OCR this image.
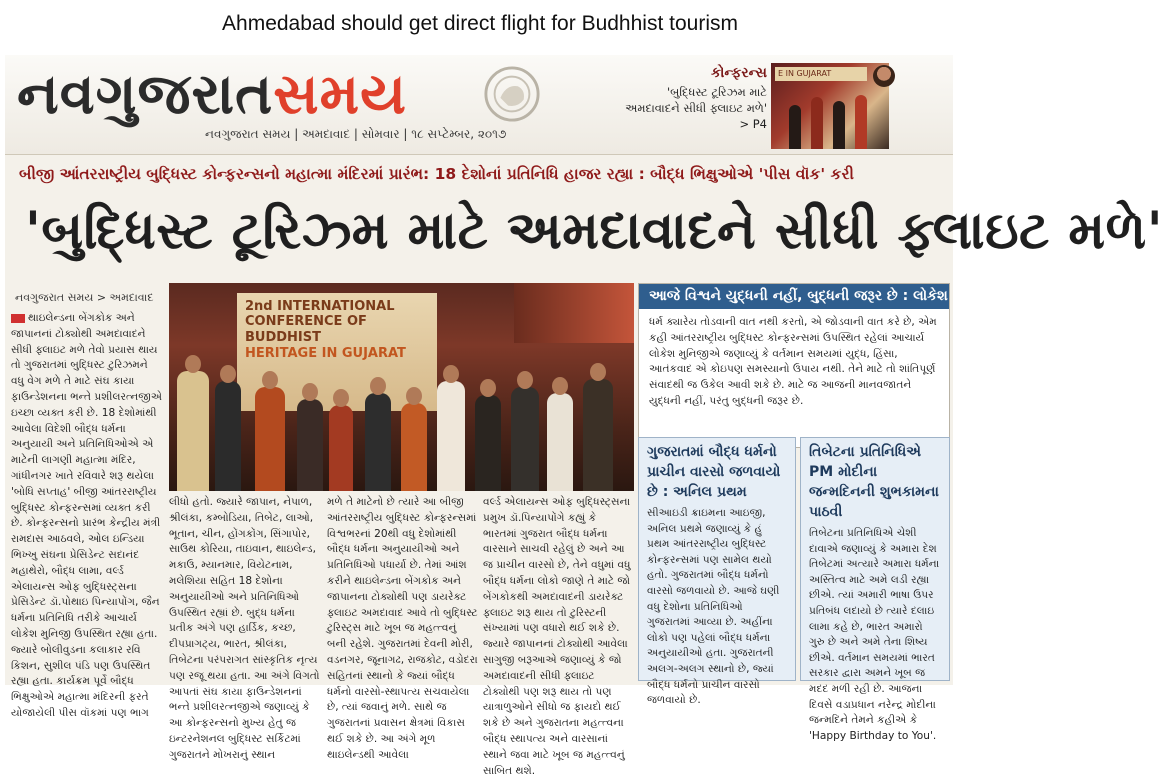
Ahmedabad should get direct flight for Budhhist tourism
નવગુજરાતસમય
નવગુજરાત સમય | અમદાવાદ | સોમવાર | ૧૮ સપ્ટેમ્બર, ૨૦૧૭
કોન્ફરન્સ
'બુદ્ધિસ્ટ ટૂરિઝમ માટે અમદાવાદને સીધી ફ્લાઇટ મળે' > P4
E IN GUJARAT
બીજી આંતરરાષ્ટ્રીય બુદ્ધિસ્ટ કોન્ફરન્સનો મહાત્મા મંદિરમાં પ્રારંભ: 18 દેશોનાં પ્રતિનિધિ હાજર રહ્યા : બૌદ્ધ ભિક્ષુઓએ 'પીસ વૉક' કરી
'બુદ્ધિસ્ટ ટૂરિઝ્મ માટે અમદાવાદને સીધી ફ્લાઇટ મળે'
નવગુજરાત સમય > અમદાવાદ

થાઇલેન્ડના બેંગકોક અને જાપાનનાં ટોક્યોથી અમદાવાદને સીધી ફ્લાઇટ મળે તેવો પ્રયાસ થાય તો ગુજરાતમાં બુદ્ધિસ્ટ ટુરિઝમને વધુ વેગ મળે તે માટે સંઘ કાયા ફાઉન્ડેશનના ભન્તે પ્રશીલરત્નજીએ ઇચ્છા વ્યક્ત કરી છે. 18 દેશોમાંથી આવેલા વિદેશી બૌદ્ધ ધર્મના અનુયાયી અને પ્રતિનિધિઓએ એ માટેની લાગણી મહાત્મા મંદિર, ગાંધીનગર ખાતે રવિવારે શરૂ થયેલા 'બોધિ સપ્તાહ' બીજી આંતરરાષ્ટ્રીય બુદ્ધિસ્ટ કોન્ફરન્સમાં વ્યક્ત કરી છે. કોન્ફરન્સનો પ્રારંભ કેન્દ્રીય મંત્રી રામદાસ આઠવલે, ઓલ ઇન્ડિયા ભિખ્ખુ સંઘના પ્રેસિડેન્ટ સદાનંદ મહાથેરો, બૌદ્ધ લામા, વર્લ્ડ એલાયન્સ ઓફ બુદ્ધિસ્ટ્સના પ્રેસિડેન્ટ ડૉ.પોથાઇ પિન્યાપોંગ, જૈન ધર્મના પ્રતિનિધિ તરીકે આચાર્ય લોકેશ મુનિજી ઉપસ્થિત રહ્યા હતા. જ્યારે બોલીવુડના કલાકાર રવિ કિશન, સુશીલ પંડિ પણ ઉપસ્થિત રહ્યા હતા. કાર્યક્રમ પૂર્વે બૌદ્ધ ભિક્ષુઓએ મહાત્મા મંદિરની ફરતે યોજાયેલી પીસ વૉકમાં પણ ભાગ

2nd INTERNATIONAL
CONFERENCE OF BUDDHIST
HERITAGE IN GUJARAT

લીધો હતો. જ્યારે જાપાન, નેપાળ, શ્રીલંકા, કમ્બોડિયા, તિબેટ, લાઓ, ભૂતાન, ચીન, હોંગકોંગ, સિંગાપોર, સાઉથ કોરિયા, તાઇવાન, થાઇલેન્ડ, મકાઉ, મ્યાનમાર, વિયેટનામ, મલેશિયા સહિત 18 દેશોના અનુયાયીઓ અને પ્રતિનિધિઓ ઉપસ્થિત રહ્યાં છે. બુદ્ધ ધર્મના પ્રતીક અંગે પણ હાર્ડિક, કચ્છ, દીપપ્રાગટ્ય, ભારત, શ્રીલંકા, તિબેટના પરંપરાગત સાંસ્કૃતિક નૃત્ય પણ રજૂ થયા હતા. આ અંગે વિગતો આપતાં સંઘ કાયા ફાઉન્ડેશનનાં ભન્તે પ્રશીલરત્નજીએ જણાવ્યું કે આ કોન્ફરન્સનો મુખ્ય હેતુ જ ઇન્ટરનેશનલ બુદ્ધિસ્ટ સર્કિટમાં ગુજરાતને મોખરાનું સ્થાન

મળે તે માટેનો છે ત્યારે આ બીજી આંતરરાષ્ટ્રીય બુદ્ધિસ્ટ કોન્ફરન્સમાં વિશ્વભરનાં 20થી વધુ દેશોમાંથી બૌદ્ધ ધર્મના અનુયાયીઓ અને પ્રતિનિધિઓ પધાર્યા છે. તેમાં આંશ કરીને થાઇલેન્ડના બેંગકોક અને જાપાનના ટોક્યોથી પણ ડાયરેક્ટ ફ્લાઇટ અમદાવાદ આવે તો બુદ્ધિસ્ટ ટુરિસ્ટ્સ માટે ખૂબ જ મહત્ત્વનું બની રહેશે. ગુજરાતમાં દેવની મોરી, વડનગર, જૂનાગઢ, રાજકોટ, વડોદરા સહિતનાં સ્થાનો કે જ્યાં બૌદ્ધ ધર્મનો વારસો-સ્થાપત્ય સચવાયેલા છે, ત્યાં જવાનું મળે. સાથે જ ગુજરાતનાં પ્રવાસન ક્ષેત્રમાં વિકાસ થઈ શકે છે. આ અંગે મૂળ થાઇલેન્ડથી આવેલા

વર્લ્ડ એલાયન્સ ઓફ બુદ્ધિસ્ટ્સના પ્રમુખ ડૉ.પિન્યાપોંગે કહ્યું કે ભારતમાં ગુજરાત બૌદ્ધ ધર્મના વારસાને સાચવી રહેલું છે અને આ જ પ્રાચીન વારસો છે, તેને વધુમાં વધુ બૌદ્ધ ધર્મના લોકો જાણે તે માટે જો બેંગકોકથી અમદાવાદની ડાયરેક્ટ ફ્લાઇટ શરૂ થાય તો ટુરિસ્ટની સંખ્યામાં પણ વધારો થઈ શકે છે. જ્યારે જાપાનનાં ટોક્યોથી આવેલા સાગુજી બરૂઆએ જણાવ્યું કે જો અમદાવાદની સીધી ફ્લાઇટ ટોક્યોથી પણ શરૂ થાય તો પણ યાત્રાળુઓને સીધો જ ફાયદો થઈ શકે છે અને ગુજરાતના મહત્ત્વના બૌદ્ધ સ્થાપત્ય અને વારસાનાં સ્થાને જવા માટે ખૂબ જ મહત્ત્વનું સાબિત થશે.

આજે વિશ્વને યુદ્ધની નહીં, બુદ્ધની જરૂર છે : લોકેશ મુનિ
ધર્મ ક્યારેય તોડવાની વાત નથી કરતો, એ જોડવાની વાત કરે છે, એમ કહી આંતરરાષ્ટ્રીય બુદ્ધિસ્ટ કોન્ફરન્સમાં ઉપસ્થિત રહેલાં આચાર્ય લોકેશ મુનિજીએ જણાવ્યું કે વર્તમાન સમયમાં યુદ્ધ, હિંસા, આતંકવાદ એ કોઇપણ સમસ્યાનો ઉપાય નથી. તેને માટે તો શાંતિપૂર્ણ સંવાદથી જ ઉકેલ આવી શકે છે. માટે જ આજની માનવજાતને યુદ્ધની નહીં, પરંતુ બુદ્ધની જરૂર છે.
ગુજરાતમાં બૌદ્ધ ધર્મનો પ્રાચીન વારસો જળવાયો છે : અનિલ પ્રથમ
સીઆઇડી ક્રાઇમના આઇજી, અનિલ પ્રથમે જણાવ્યું કે હું પ્રથમ આંતરરાષ્ટ્રીય બુદ્ધિસ્ટ કોન્ફરન્સમાં પણ સામેલ થયો હતો. ગુજરાતમાં બૌદ્ધ ધર્મનો વારસો જળવાયો છે. આજે ઘણી વધુ દેશોના પ્રતિનિધિઓ ગુજરાતમાં આવ્યા છે. અહીંના લોકો પણ પહેલાં બૌદ્ધ ધર્મના અનુયાયીઓ હતા. ગુજરાતની અલગ-અલગ સ્થાનો છે, જ્યાં બૌદ્ધ ધર્મનો પ્રાચીન વારસો જળવાયો છે.
તિબેટના પ્રતિનિધિએ PM મોદીના જન્મદિનની શુભકામના પાઠવી
તિબેટના પ્રતિનિધિએ ચેશી દાવાએ જણાવ્યું કે અમારા દેશ તિબેટમાં અત્યારે અમારા ધર્મના અસ્તિત્વ માટે અમે લડી રહ્યા છીએ. ત્યાં અમારી ભાષા ઉપર પ્રતિબંધ લદાયો છે ત્યારે દલાઇ લામા કહે છે, ભારત અમારો ગુરુ છે અને અમે તેના શિષ્ય છીએ. વર્તમાન સમયમાં ભારત સરકાર દ્વારા અમને ખૂબ જ મદદ મળી રહી છે. આજના દિવસે વડાપ્રધાન નરેન્દ્ર મોદીના જન્મદિને તેમને કહીએ કે 'Happy Birthday to You'.
